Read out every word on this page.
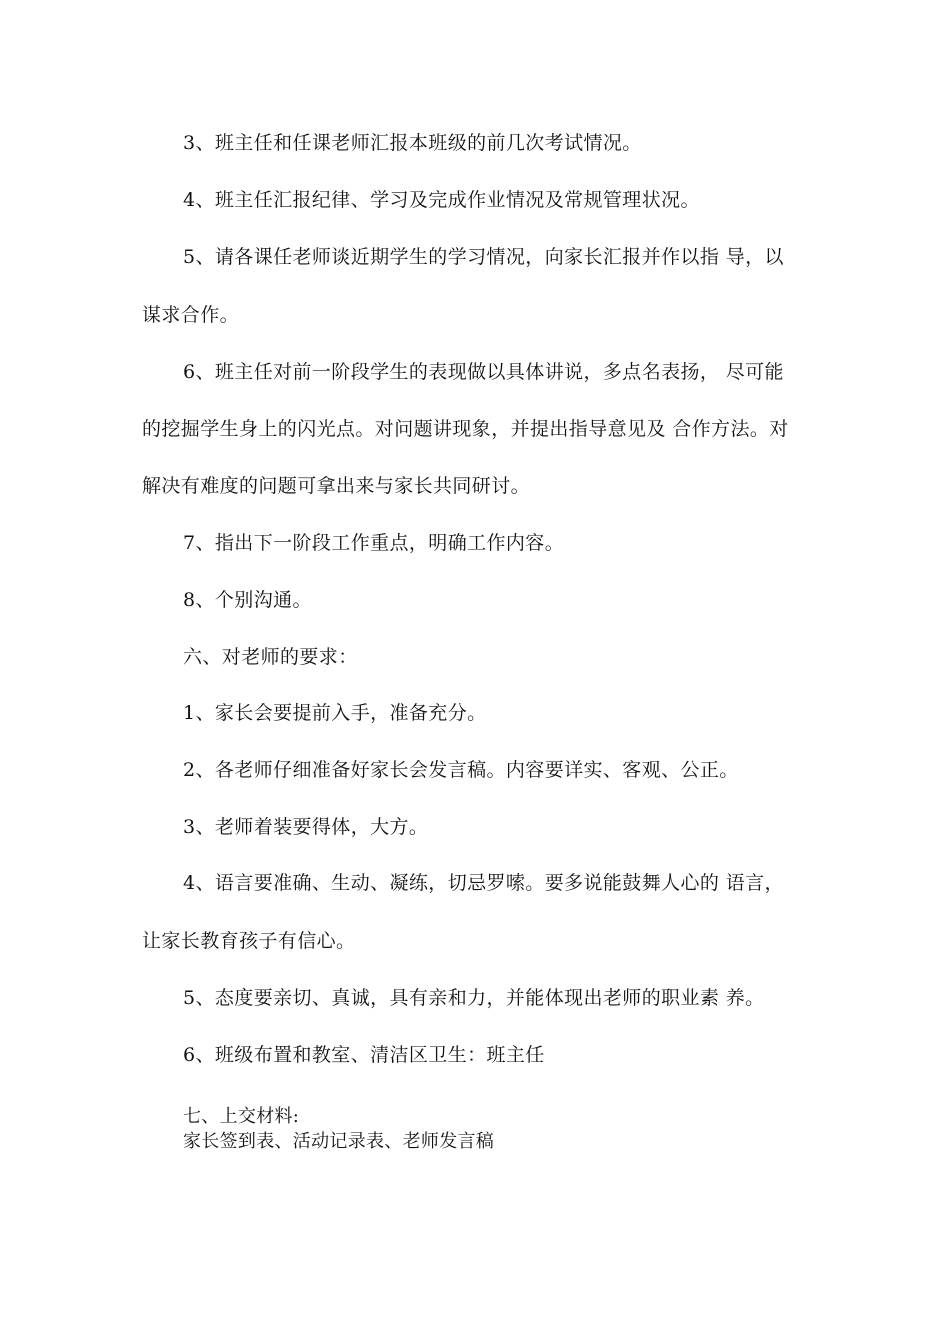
3、班主任和任课老师汇报本班级的前几次考试情况。

4、班主任汇报纪律、学习及完成作业情况及常规管理状况。

5、请各课任老师谈近期学生的学习情况，向家长汇报并作以指 导，以

谋求合作。

6、班主任对前一阶段学生的表现做以具体讲说，多点名表扬， 尽可能

的挖掘学生身上的闪光点。对问题讲现象，并提出指导意见及 合作方法。对

解决有难度的问题可拿出来与家长共同研讨。

7、指出下一阶段工作重点，明确工作内容。

8、个别沟通。

六、对老师的要求：

1、家长会要提前入手，准备充分。

2、各老师仔细准备好家长会发言稿。内容要详实、客观、公正。

3、老师着装要得体，大方。

4、语言要准确、生动、凝练，切忌罗嗦。要多说能鼓舞人心的 语言，

让家长教育孩子有信心。

5、态度要亲切、真诚，具有亲和力，并能体现出老师的职业素 养。

6、班级布置和教室、清洁区卫生：班主任

七、上交材料:

家长签到表、活动记录表、老师发言稿
